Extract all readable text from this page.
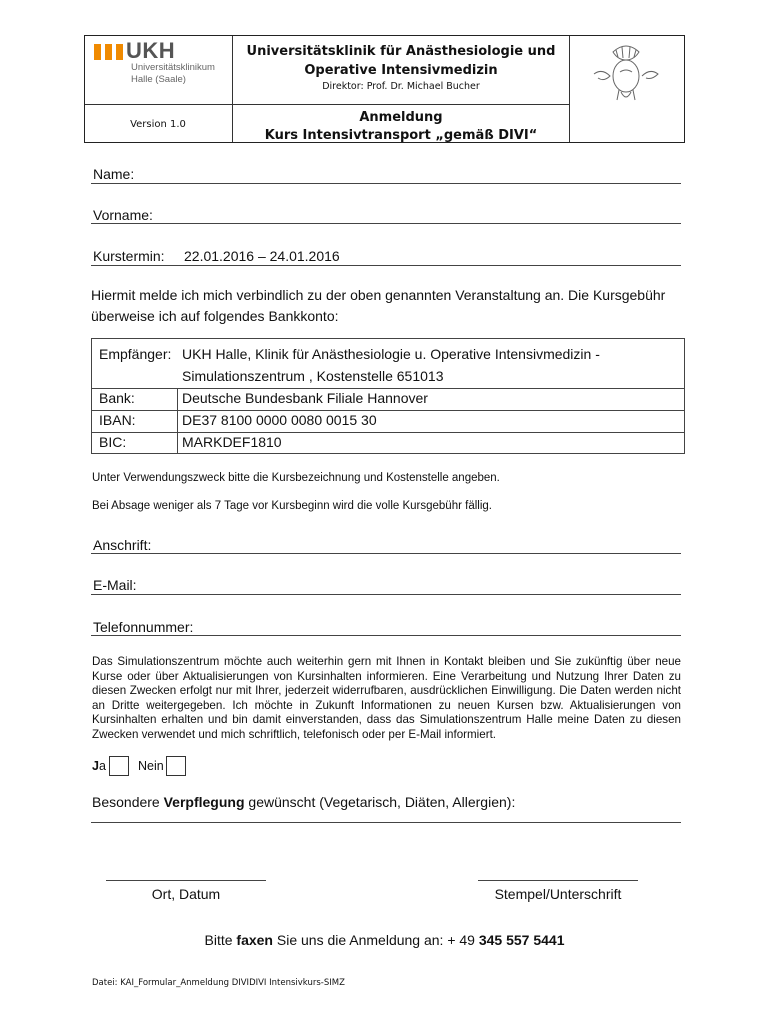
UKH
Universitätsklinikum
Halle (Saale)
Universitätsklinik für Anästhesiologie und
Operative Intensivmedizin
Direktor: Prof. Dr. Michael Bucher
Version 1.0	Anmeldung
Kurs Intensivtransport „gemäß DIVI“
Name:
Vorname:
Kurstermin: 22.01.2016 – 24.01.2016
Hiermit melde ich mich verbindlich zu der oben genannten Veranstaltung an. Die Kursgebühr
überweise ich auf folgendes Bankkonto:
Empfänger: UKH Halle, Klinik für Anästhesiologie u. Operative Intensivmedizin -
Simulationszentrum , Kostenstelle 651013
Bank:	Deutsche Bundesbank Filiale Hannover
IBAN:	DE37 8100 0000 0080 0015 30
BIC:	MARKDEF1810
Unter Verwendungszweck bitte die Kursbezeichnung und Kostenstelle angeben.
Bei Absage weniger als 7 Tage vor Kursbeginn wird die volle Kursgebühr fällig.
Anschrift:
E-Mail:
Telefonnummer:
Das Simulationszentrum möchte auch weiterhin gern mit Ihnen in Kontakt bleiben und Sie zukünftig über neue Kurse oder über Aktualisierungen von Kursinhalten informieren. Eine Verarbeitung und Nutzung Ihrer Daten zu diesen Zwecken erfolgt nur mit Ihrer, jederzeit widerrufbaren, ausdrücklichen Einwilligung. Die Daten werden nicht an Dritte weitergegeben. Ich möchte in Zukunft Informationen zu neuen Kursen bzw. Aktualisierungen von Kursinhalten erhalten und bin damit einverstanden, dass das Simulationszentrum Halle meine Daten zu diesen Zwecken verwendet und mich schriftlich, telefonisch oder per E-Mail informiert.
Ja	Nein
Besondere Verpflegung gewünscht (Vegetarisch, Diäten, Allergien):
Ort, Datum	Stempel/Unterschrift
Bitte faxen Sie uns die Anmeldung an: + 49 345 557 5441
Datei: KAI_Formular_Anmeldung DIVIDIVI Intensivkurs-SIMZ
